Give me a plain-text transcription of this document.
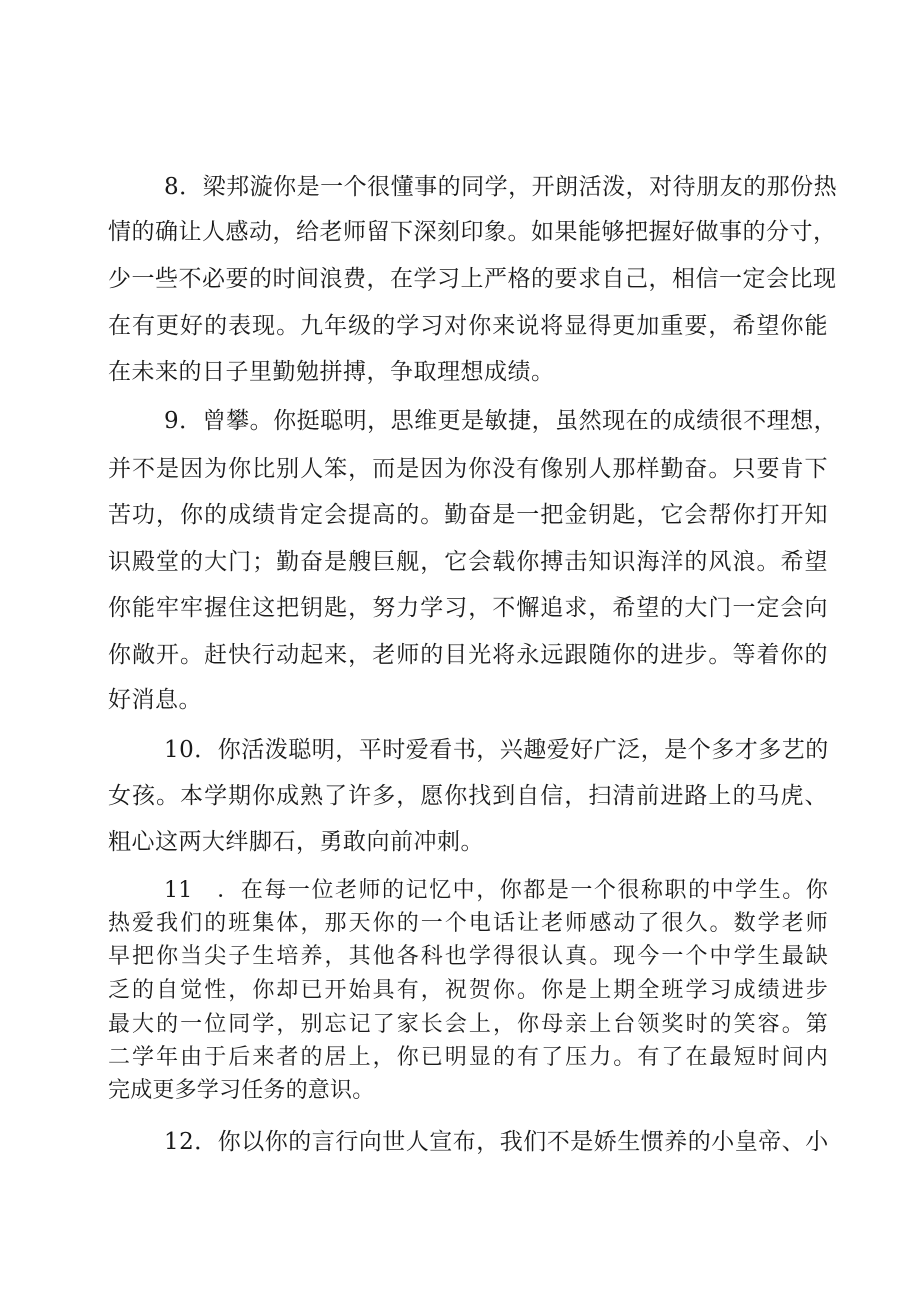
8．梁邦漩你是一个很懂事的同学，开朗活泼，对待朋友的那份热
情的确让人感动，给老师留下深刻印象。如果能够把握好做事的分寸，
少一些不必要的时间浪费，在学习上严格的要求自己，相信一定会比现
在有更好的表现。九年级的学习对你来说将显得更加重要，希望你能
在未来的日子里勤勉拼搏，争取理想成绩。
9．曾攀。你挺聪明，思维更是敏捷，虽然现在的成绩很不理想，
并不是因为你比别人笨，而是因为你没有像别人那样勤奋。只要肯下
苦功，你的成绩肯定会提高的。勤奋是一把金钥匙，它会帮你打开知
识殿堂的大门；勤奋是艘巨舰，它会载你搏击知识海洋的风浪。希望
你能牢牢握住这把钥匙，努力学习，不懈追求，希望的大门一定会向
你敞开。赶快行动起来，老师的目光将永远跟随你的进步。等着你的
好消息。
10．你活泼聪明，平时爱看书，兴趣爱好广泛，是个多才多艺的
女孩。本学期你成熟了许多，愿你找到自信，扫清前进路上的马虎、
粗心这两大绊脚石，勇敢向前冲刺。
11　．在每一位老师的记忆中，你都是一个很称职的中学生。你
热爱我们的班集体，那天你的一个电话让老师感动了很久。数学老师
早把你当尖子生培养，其他各科也学得很认真。现今一个中学生最缺
乏的自觉性，你却已开始具有，祝贺你。你是上期全班学习成绩进步
最大的一位同学，别忘记了家长会上，你母亲上台领奖时的笑容。第
二学年由于后来者的居上，你已明显的有了压力。有了在最短时间内
完成更多学习任务的意识。
12．你以你的言行向世人宣布，我们不是娇生惯养的小皇帝、小
